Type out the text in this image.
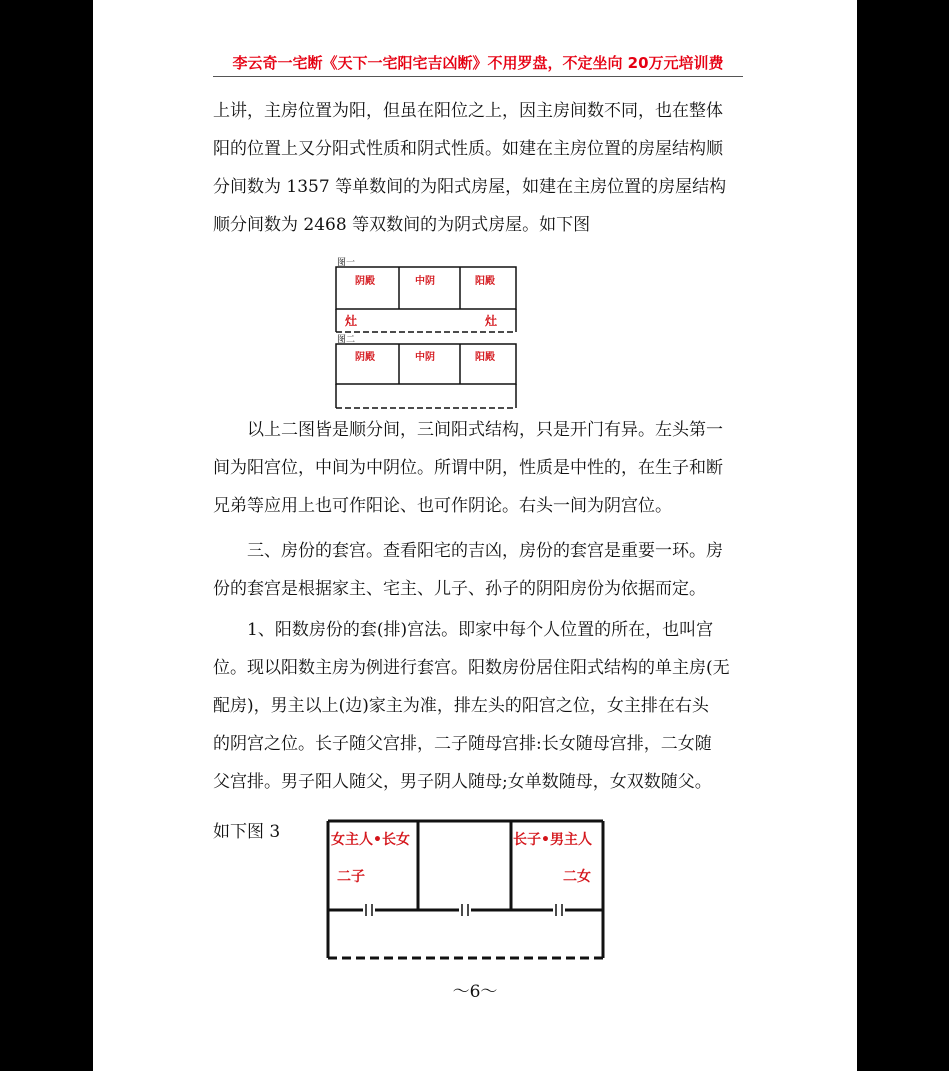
李云奇一宅断《天下一宅阳宅吉凶断》不用罗盘，不定坐向 20万元培训费
上讲，主房位置为阳，但虽在阳位之上，因主房间数不同，也在整体
阳的位置上又分阳式性质和阴式性质。如建在主房位置的房屋结构顺
分间数为 1357 等单数间的为阳式房屋，如建在主房位置的房屋结构
顺分间数为 2468 等双数间的为阴式房屋。如下图
图一
阴殿	中阴	阳殿
灶	灶
图二
阴殿	中阴	阳殿
以上二图皆是顺分间，三间阳式结构，只是开门有异。左头第一
间为阳宫位，中间为中阴位。所谓中阴，性质是中性的，在生子和断
兄弟等应用上也可作阳论、也可作阴论。右头一间为阴宫位。
三、房份的套宫。查看阳宅的吉凶，房份的套宫是重要一环。房
份的套宫是根据家主、宅主、儿子、孙子的阴阳房份为依据而定。
1、阳数房份的套(排)宫法。即家中每个人位置的所在，也叫宫
位。现以阳数主房为例进行套宫。阳数房份居住阳式结构的单主房(无
配房)，男主以上(边)家主为准，排左头的阳宫之位，女主排在右头
的阴宫之位。长子随父宫排，二子随母宫排:长女随母宫排，二女随
父宫排。男子阳人随父，男子阴人随母;女单数随母，女双数随父。
如下图 3	女主人•长女
二子
长子•男主人
二女
～6～
